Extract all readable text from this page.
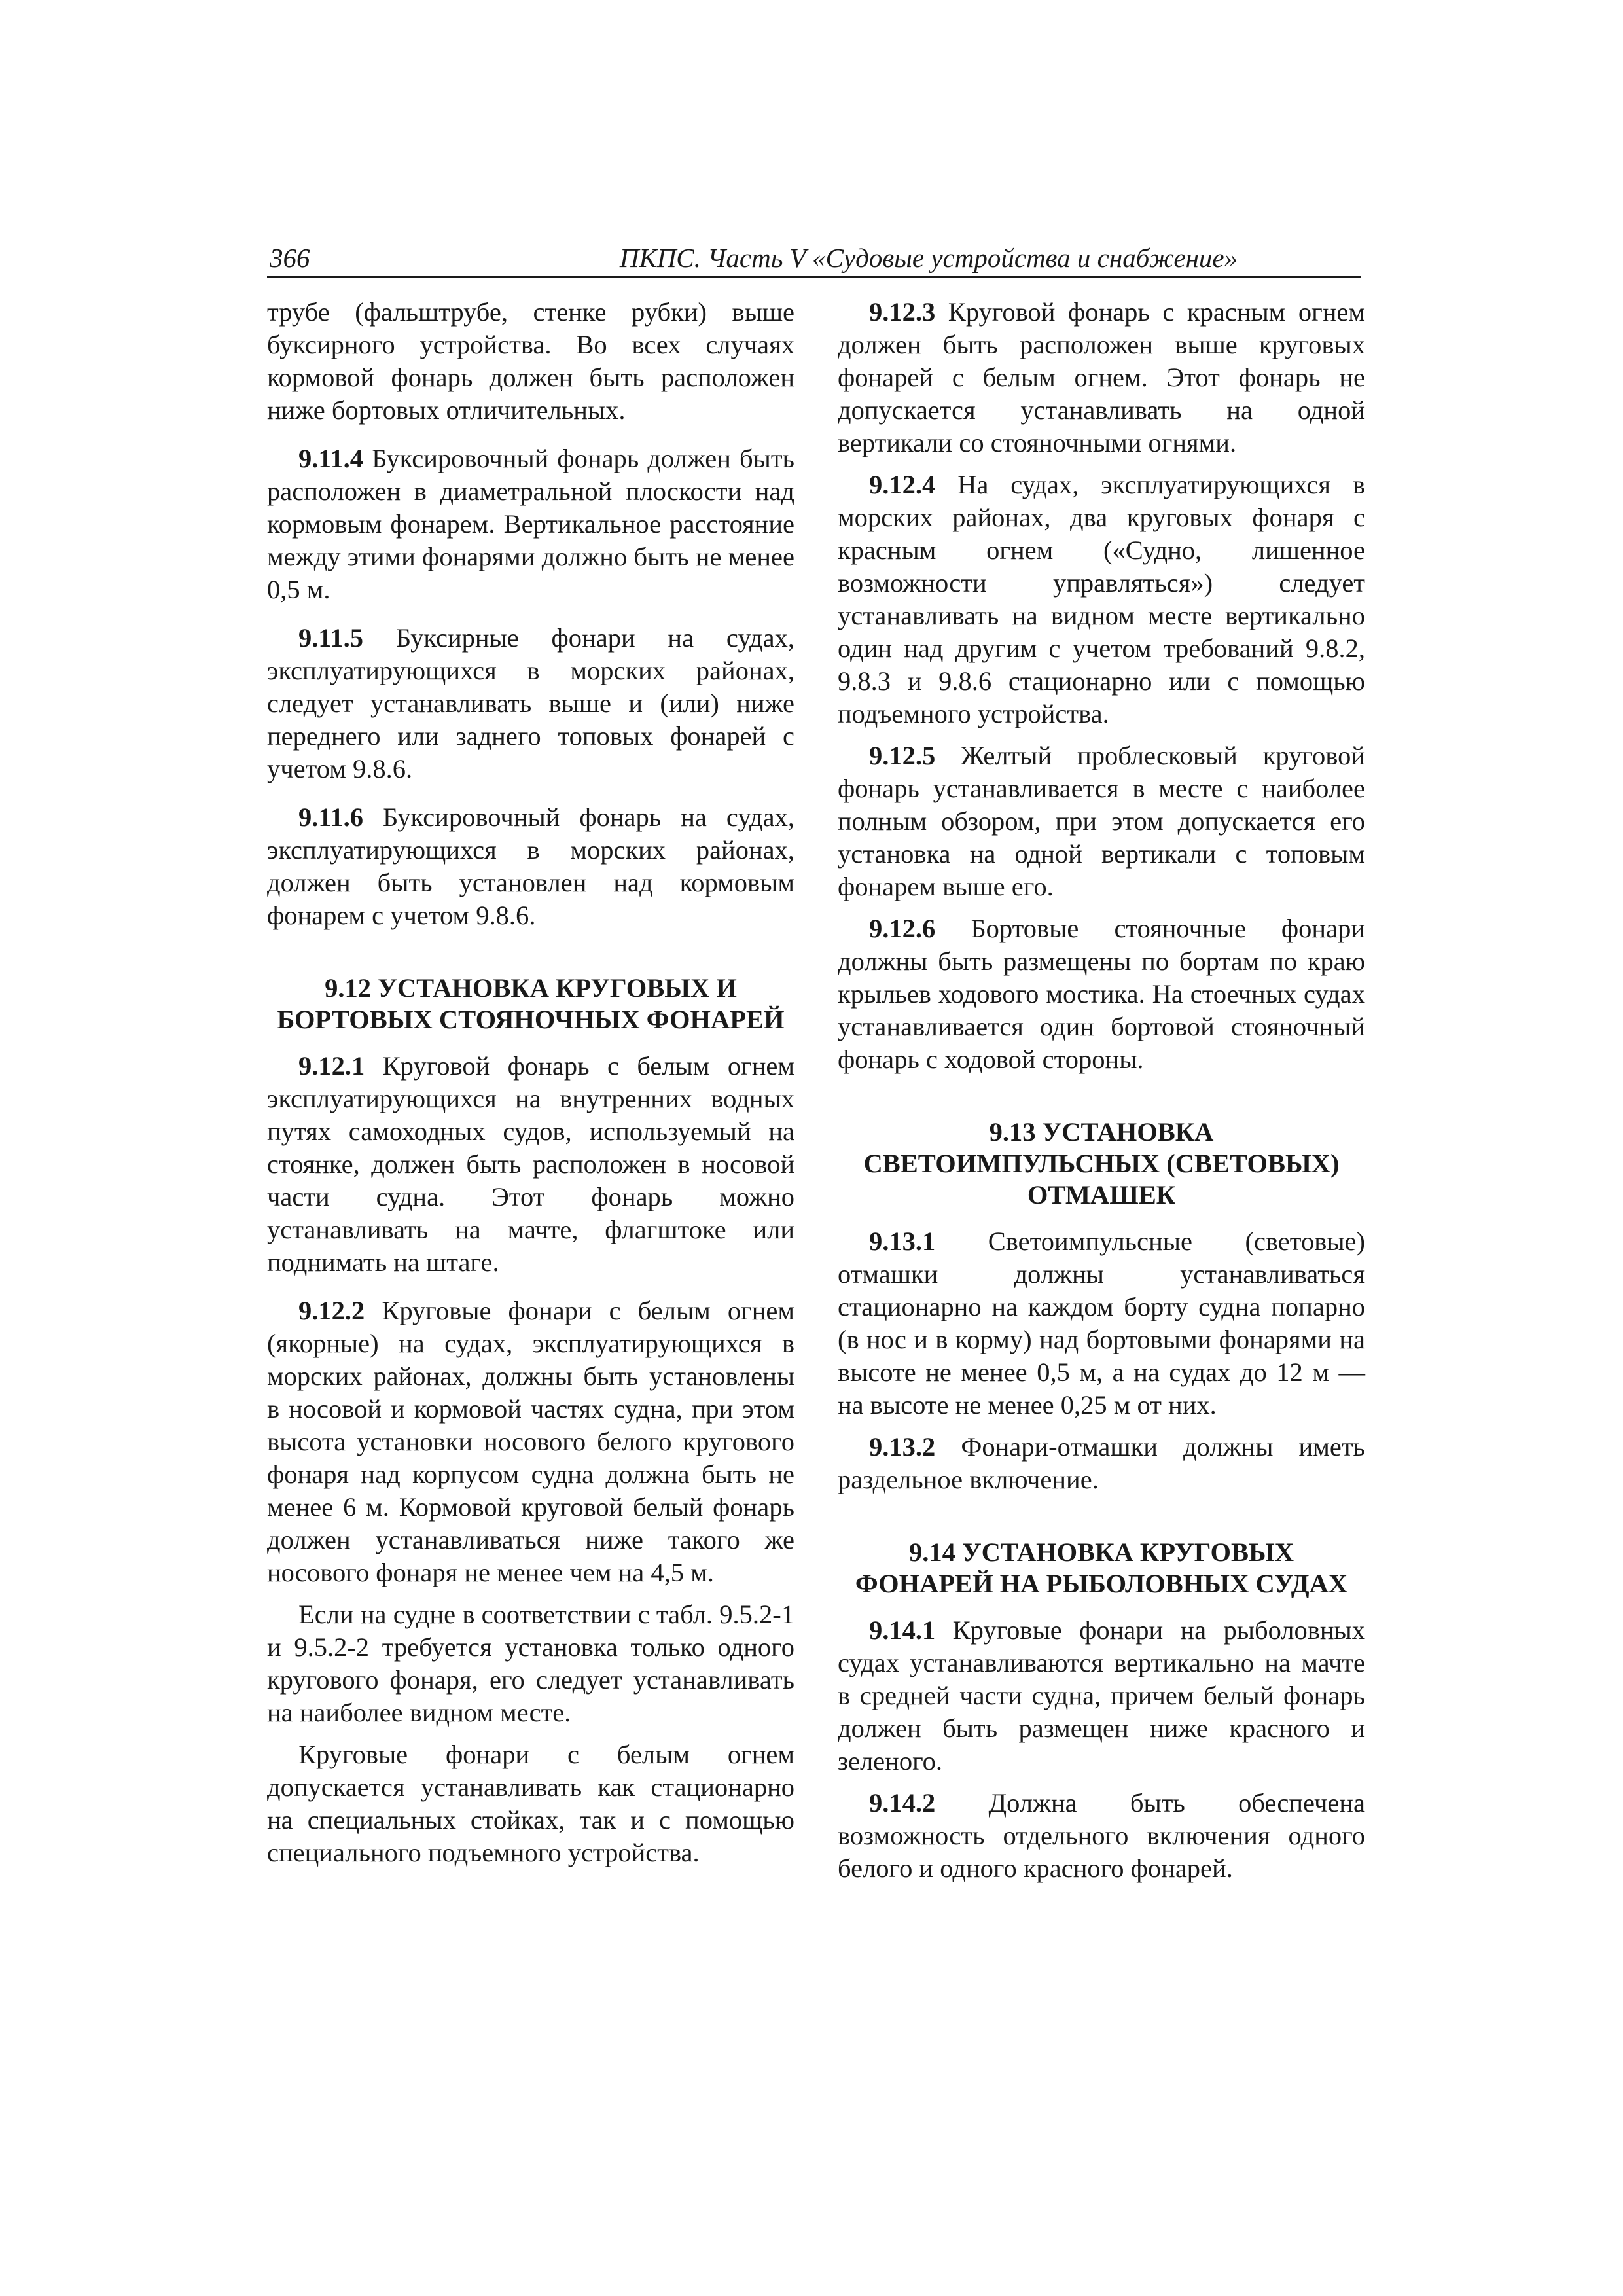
366	ПКПС. Часть V «Судовые устройства и снабжение»

трубе (фальштрубе, стенке рубки) выше буксирного устройства. Во всех случаях кормовой фонарь должен быть расположен ниже бортовых отличительных.

9.11.4 Буксировочный фонарь должен быть расположен в диаметральной плоскости над кормовым фонарем. Вертикальное расстояние между этими фонарями должно быть не менее 0,5 м.

9.11.5 Буксирные фонари на судах, эксплуатирующихся в морских районах, следует устанавливать выше и (или) ниже переднего или заднего топовых фонарей с учетом 9.8.6.

9.11.6 Буксировочный фонарь на судах, эксплуатирующихся в морских районах, должен быть установлен над кормовым фонарем с учетом 9.8.6.

9.12 УСТАНОВКА КРУГОВЫХ И
БОРТОВЫХ СТОЯНОЧНЫХ ФОНАРЕЙ

9.12.1 Круговой фонарь с белым огнем эксплуатирующихся на внутренних водных путях самоходных судов, используемый на стоянке, должен быть расположен в носовой части судна. Этот фонарь можно устанавливать на мачте, флагштоке или поднимать на штаге.

9.12.2 Круговые фонари с белым огнем (якорные) на судах, эксплуатирующихся в морских районах, должны быть установлены в носовой и кормовой частях судна, при этом высота установки носового белого кругового фонаря над корпусом судна должна быть не менее 6 м. Кормовой круговой белый фонарь должен устанавливаться ниже такого же носового фонаря не менее чем на 4,5 м.

Если на судне в соответствии с табл. 9.5.2-1 и 9.5.2-2 требуется установка только одного кругового фонаря, его следует устанавливать на наиболее видном месте.

Круговые фонари с белым огнем допускается устанавливать как стационарно на специальных стойках, так и с помощью специального подъемного устройства.

9.12.3 Круговой фонарь с красным огнем должен быть расположен выше круговых фонарей с белым огнем. Этот фонарь не допускается устанавливать на одной вертикали со стояночными огнями.

9.12.4 На судах, эксплуатирующихся в морских районах, два круговых фонаря с красным огнем («Судно, лишенное возможности управляться») следует устанавливать на видном месте вертикально один над другим с учетом требований 9.8.2, 9.8.3 и 9.8.6 стационарно или с помощью подъемного устройства.

9.12.5 Желтый проблесковый круговой фонарь устанавливается в месте с наиболее полным обзором, при этом допускается его установка на одной вертикали с топовым фонарем выше его.

9.12.6 Бортовые стояночные фонари должны быть размещены по бортам по краю крыльев ходового мостика. На стоечных судах устанавливается один бортовой стояночный фонарь с ходовой стороны.

9.13 УСТАНОВКА
СВЕТОИМПУЛЬСНЫХ (СВЕТОВЫХ)
ОТМАШЕК

9.13.1 Светоимпульсные (световые) отмашки должны устанавливаться стационарно на каждом борту судна попарно (в нос и в корму) над бортовыми фонарями на высоте не менее 0,5 м, а на судах до 12 м — на высоте не менее 0,25 м от них.

9.13.2 Фонари-отмашки должны иметь раздельное включение.

9.14 УСТАНОВКА КРУГОВЫХ
ФОНАРЕЙ НА РЫБОЛОВНЫХ СУДАХ

9.14.1 Круговые фонари на рыболовных судах устанавливаются вертикально на мачте в средней части судна, причем белый фонарь должен быть размещен ниже красного и зеленого.

9.14.2 Должна быть обеспечена возможность отдельного включения одного белого и одного красного фонарей.
